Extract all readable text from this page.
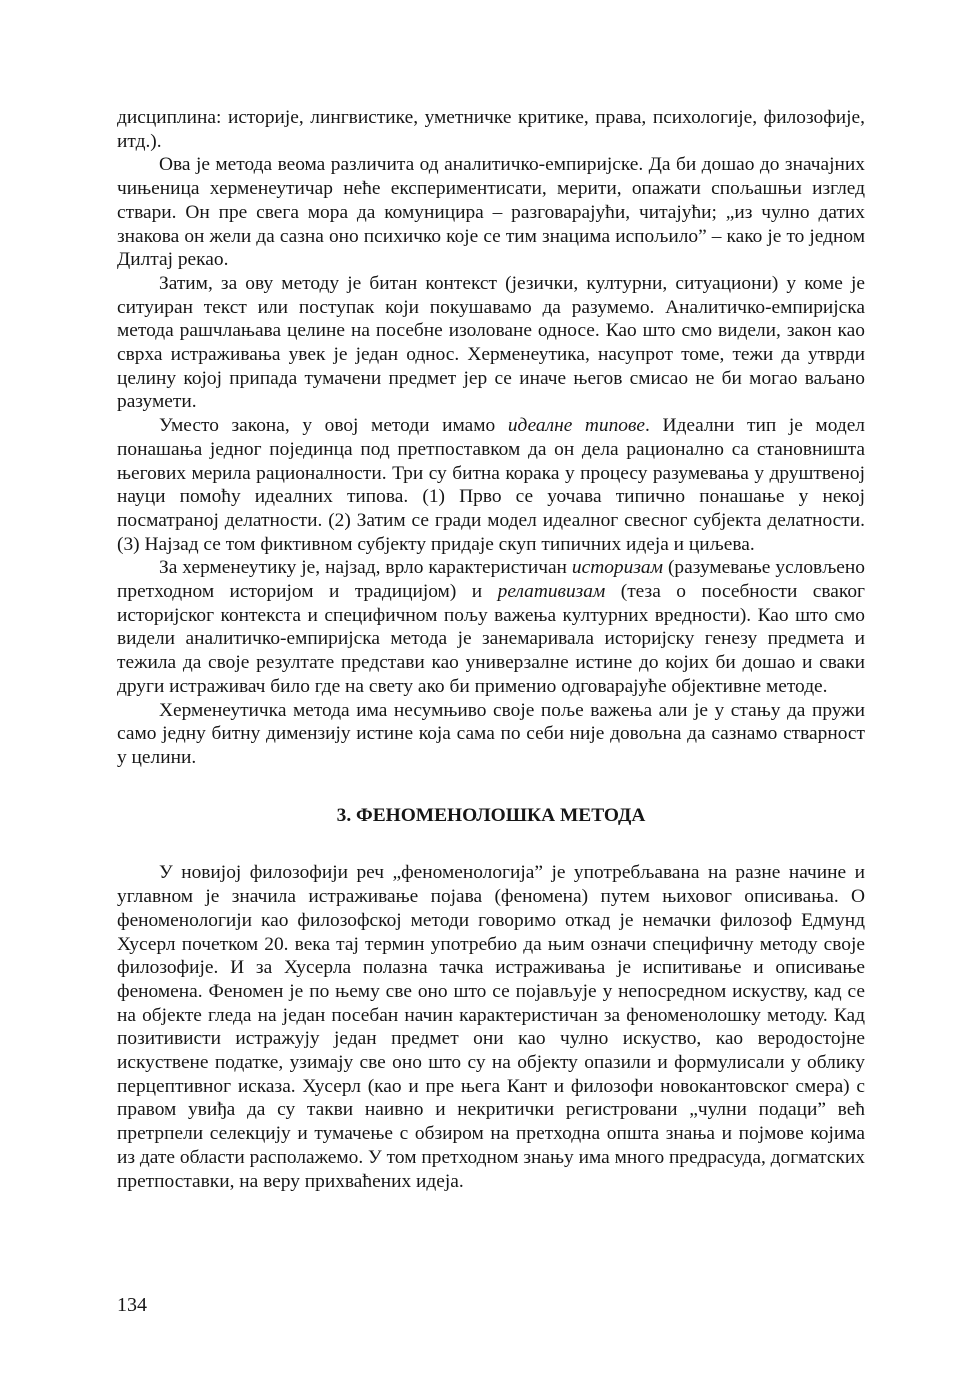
дисциплина: историје, лингвистике, уметничке критике, права, психологије, филозофије, итд.).

Ова је метода веома различита од аналитичко-емпиријске. Да би дошао до значајних чињеница херменеутичар неће експериментисати, мерити, опажати спољашњи изглед ствари. Он пре свега мора да комуницира – разговарајући, читајући; „из чулно датих знакова он жели да сазна оно психичко које се тим знацима испољило” – како је то једном Дилтај рекао.

Затим, за ову методу је битан контекст (језички, културни, ситуациони) у коме је ситуиран текст или поступак који покушавамо да разумемо. Аналитичко-емпиријска метода рашчлањава целине на посебне изоловане односе. Као што смо видели, закон као сврха истраживања увек је један однос. Херменеутика, насупрот томе, тежи да утврди целину којој припада тумачени предмет јер се иначе његов смисао не би могао ваљано разумети.

Уместо закона, у овој методи имамо идеалне типове. Идеални тип је модел понашања једног појединца под претпоставком да он дела рационално са становништа његових мерила рационалности. Три су битна корака у процесу разумевања у друштвеној науци помоћу идеалних типова. (1) Прво се уочава типично понашање у некој посматраној делатности. (2) Затим се гради модел идеалног свесног субјекта делатности. (3) Најзад се том фиктивном субјекту придаје скуп типичних идеја и циљева.

За херменеутику је, најзад, врло карактеристичан историзам (разумевање условљено претходном историјом и традицијом) и релативизам (теза о посебности сваког историјског контекста и специфичном пољу важења културних вредности). Као што смо видели аналитичко-емпиријска метода је занемаривала историјску генезу предмета и тежила да своје резултате представи као универзалне истине до којих би дошао и сваки други истраживач било где на свету ако би применио одговарајуће објективне методе.

Херменеутичка метода има несумњиво своје поље важења али је у стању да пружи само једну битну димензију истине која сама по себи није довољна да сазнамо стварност у целини.

3. ФЕНОМЕНОЛОШКА МЕТОДА

У новијој филозофији реч „феноменологија” је употребљавана на разне начине и углавном је значила истраживање појава (феномена) путем њиховог описивања. О феноменологији као филозофској методи говоримо откад је немачки филозоф Едмунд Хусерл почетком 20. века тај термин употребио да њим означи специфичну методу своје филозофије. И за Хусерла полазна тачка истраживања је испитивање и описивање феномена. Феномен је по њему све оно што се појављује у непосредном искуству, кад се на објекте гледа на један посебан начин карактеристичан за феноменолошку методу. Кад позитивисти истражују један предмет они као чулно искуство, као веродостојне искуствене податке, узимају све оно што су на објекту опазили и формулисали у облику перцептивног исказа. Хусерл (као и пре њега Кант и филозофи новокантовског смера) с правом увиђа да су такви наивно и некритички регистровани „чулни подаци” већ претрпели селекцију и тумачење с обзиром на претходна општа знања и појмове којима из дате области располажемо. У том претходном знању има много предрасуда, догматских претпоставки, на веру прихваћених идеја.

134
